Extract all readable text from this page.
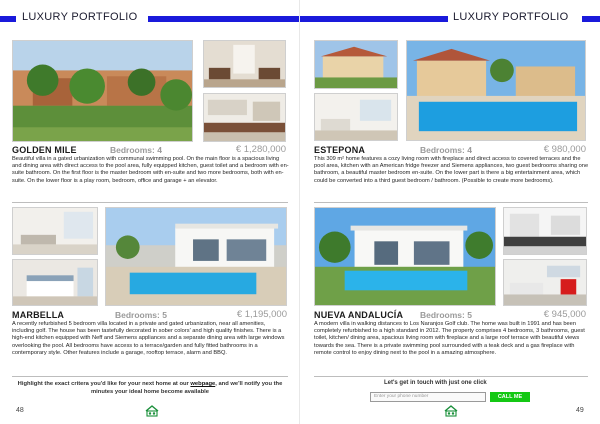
LUXURY PORTFOLIO
GOLDEN MILE	Bedrooms: 4	€ 1,280,000
Beautiful villa in a gated urbanization with communal swimming pool. On the main floor is a spacious living and dining area with direct access to the pool area, fully equipped kitchen, guest toilet and a bedroom with en-suite bathroom. On the first floor is the master bedroom with en-suite and two more bedrooms, both with en-suite. On the lower floor is a play room, bedroom, office and garage + an elevator.
MARBELLA	Bedrooms: 5	€ 1,195,000
A recently refurbished 5 bedroom villa located in a private and gated urbanization, near all amenities, including golf. The house has been tastefully decorated in sober colors' and high quality finishes. There is a high-end kitchen equipped with Neff and Siemens appliances and a separate dining area with large windows overlooking the pool. All bedrooms have access to a terrace/garden and fully fitted bathrooms in a contemporary style. Other features include a garage, rooftop terrace, alarm and BBQ.
Highlight the exact critera you'd like for your next home at our webpage, and we'll notify you the minutes your ideal home become available
48
LUXURY PORTFOLIO
ESTEPONA	Bedrooms: 4	€ 980,000
This 309 m² home features a cozy living room with fireplace and direct access to covered terraces and the pool area, kitchen with an American fridge freezer and Siemens appliances, two guest bedrooms sharing one bathroom, a beautiful master bedroom en-suite. On the lower part is there a big entertainment area, which could be converted into a third guest bedroom / bathroom. (Possible to create more bedrooms).
NUEVA ANDALUCÍA Bedrooms: 5	€ 945,000
A modern villa in walking distances to Los Naranjos Golf club. The home was built in 1991 and has been completely refurbished to a high standard in 2012. The property comprises 4 bedrooms, 3 bathrooms, guest toilet, kitchen/ dining area, spacious living room with fireplace and a large roof terrace with beautiful views towards the sea. There is a private swimming pool surrounded with a teak deck and a gas fireplace with remote control to enjoy dining next to the pool in a amazing atmosphere.
Let's get in touch with just one click
Enter your phone number	CALL ME
49
